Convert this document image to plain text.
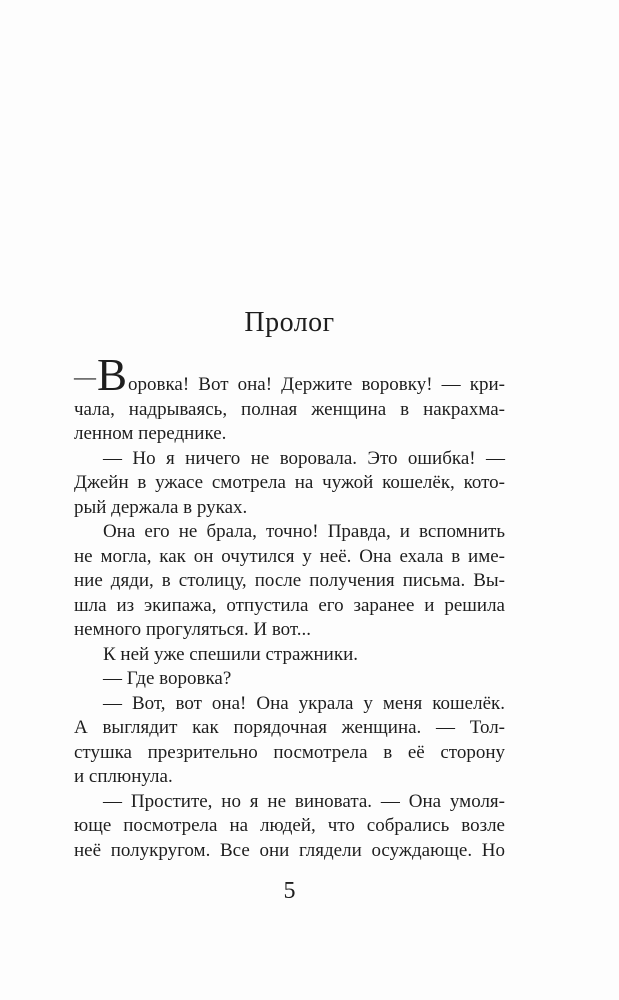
Пролог
—Воровка! Вот она! Держите воровку! — кри-
чала, надрываясь, полная женщина в накрахма-
ленном переднике.
— Но я ничего не воровала. Это ошибка! —
Джейн в ужасе смотрела на чужой кошелёк, кото-
рый держала в руках.
Она его не брала, точно! Правда, и вспомнить
не могла, как он очутился у неё. Она ехала в име-
ние дяди, в столицу, после получения письма. Вы-
шла из экипажа, отпустила его заранее и решила
немного прогуляться. И вот...
К ней уже спешили стражники.
— Где воровка?
— Вот, вот она! Она украла у меня кошелёк.
А выглядит как порядочная женщина. — Тол-
стушка презрительно посмотрела в её сторону
и сплюнула.
— Простите, но я не виновата. — Она умоля-
юще посмотрела на людей, что собрались возле
неё полукругом. Все они глядели осуждающе. Но
5
